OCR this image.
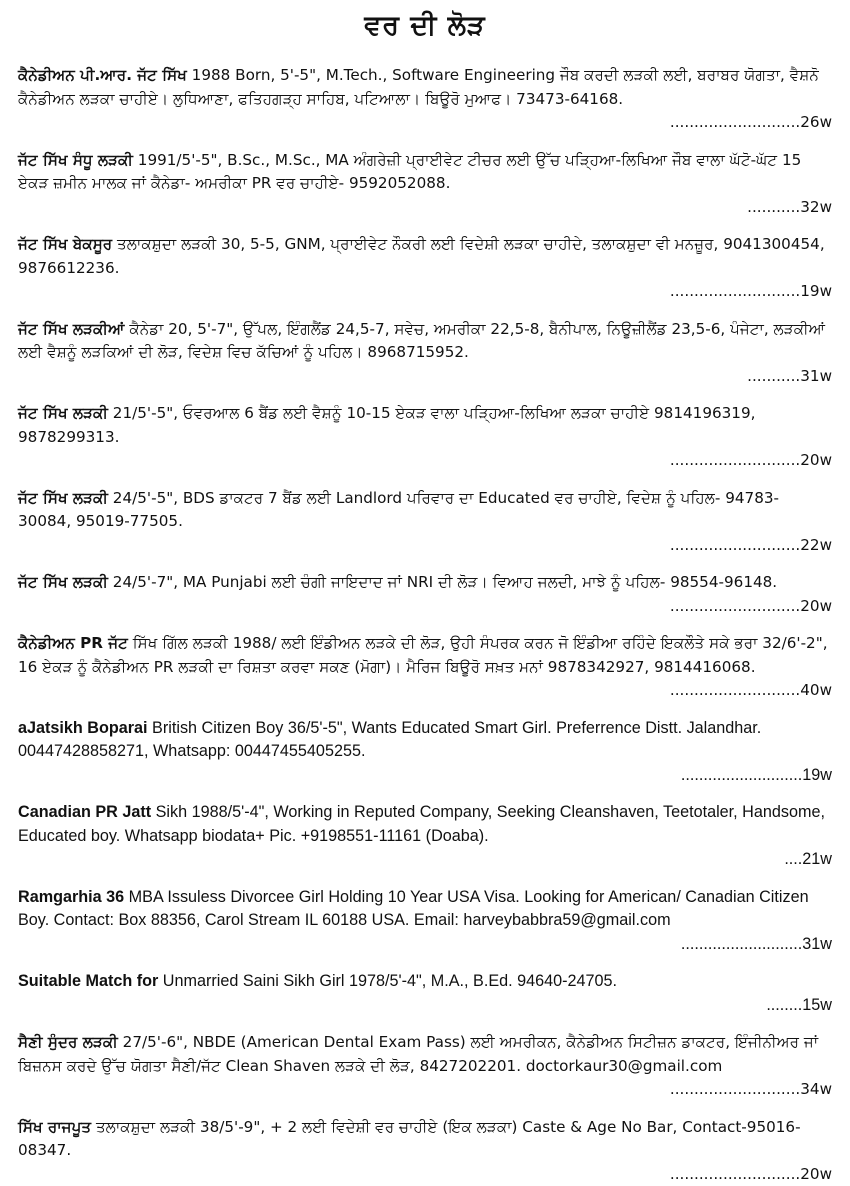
ਵਰ ਦੀ ਲੋੜ
ਕੈਨੇਡੀਅਨ ਪੀ.ਆਰ. ਜੱਟ ਸਿੱਖ 1988 Born, 5'-5", M.Tech., Software Engineering ਜੌਬ ਕਰਦੀ ਲੜਕੀ ਲਈ, ਬਰਾਬਰ ਯੋਗਤਾ, ਵੈਸ਼ਨੋ ਕੈਨੇਡੀਅਨ ਲੜਕਾ ਚਾਹੀਏ। ਲੁਧਿਆਣਾ, ਫਤਿਹਗੜ੍ਹ ਸਾਹਿਬ, ਪਟਿਆਲਾ। ਬਿਊਰੋ ਮੁਆਫ। 73473-64168.
...........................26w
ਜੱਟ ਸਿੱਖ ਸੰਧੂ ਲੜਕੀ 1991/5'-5", B.Sc., M.Sc., MA ਅੰਗਰੇਜ਼ੀ ਪ੍ਰਾਈਵੇਟ ਟੀਚਰ ਲਈ ਉੱਚ ਪੜ੍ਹਿਆ-ਲਿਖਿਆ ਜੌਬ ਵਾਲਾ ਘੱਟੋ-ਘੱਟ 15 ਏਕੜ ਜ਼ਮੀਨ ਮਾਲਕ ਜਾਂ ਕੈਨੇਡਾ- ਅਮਰੀਕਾ PR ਵਰ ਚਾਹੀਏ- 9592052088.
...........32w
ਜੱਟ ਸਿੱਖ ਬੇਕਸੂਰ ਤਲਾਕਸ਼ੁਦਾ ਲੜਕੀ 30, 5-5, GNM, ਪ੍ਰਾਈਵੇਟ ਨੌਕਰੀ ਲਈ ਵਿਦੇਸ਼ੀ ਲੜਕਾ ਚਾਹੀਦੇ, ਤਲਾਕਸ਼ੁਦਾ ਵੀ ਮਨਜ਼ੂਰ, 9041300454, 9876612236.
...........................19w
ਜੱਟ ਸਿੱਖ ਲੜਕੀਆਂ ਕੈਨੇਡਾ 20, 5'-7", ਉੱਪਲ, ਇੰਗਲੈਂਡ 24,5-7, ਸਵੇਚ, ਅਮਰੀਕਾ 22,5-8, ਬੈਨੀਪਾਲ, ਨਿਊਜ਼ੀਲੈਂਡ 23,5-6, ਪੰਜੇਟਾ, ਲੜਕੀਆਂ ਲਈ ਵੈਸ਼ਨੂੰ ਲੜਕਿਆਂ ਦੀ ਲੋੜ, ਵਿਦੇਸ਼ ਵਿਚ ਕੱਚਿਆਂ ਨੂੰ ਪਹਿਲ। 8968715952.
...........31w
ਜੱਟ ਸਿੱਖ ਲੜਕੀ 21/5'-5", ਓਵਰਆਲ 6 ਬੈਂਡ ਲਈ ਵੈਸ਼ਨੂੰ 10-15 ਏਕੜ ਵਾਲਾ ਪੜ੍ਹਿਆ-ਲਿਖਿਆ ਲੜਕਾ ਚਾਹੀਏ 9814196319, 9878299313.
...........................20w
ਜੱਟ ਸਿੱਖ ਲੜਕੀ 24/5'-5", BDS ਡਾਕਟਰ 7 ਬੈਂਡ ਲਈ Landlord ਪਰਿਵਾਰ ਦਾ Educated ਵਰ ਚਾਹੀਏ, ਵਿਦੇਸ਼ ਨੂੰ ਪਹਿਲ- 94783-30084, 95019-77505.
...........................22w
ਜੱਟ ਸਿੱਖ ਲੜਕੀ 24/5'-7", MA Punjabi ਲਈ ਚੰਗੀ ਜਾਇਦਾਦ ਜਾਂ NRI ਦੀ ਲੋੜ। ਵਿਆਹ ਜਲਦੀ, ਮਾਝੇ ਨੂੰ ਪਹਿਲ- 98554-96148.
...........................20w
ਕੈਨੇਡੀਅਨ PR ਜੱਟ ਸਿੱਖ ਗਿੱਲ ਲੜਕੀ 1988/ ਲਈ ਇੰਡੀਅਨ ਲੜਕੇ ਦੀ ਲੋੜ, ਉਹੀ ਸੰਪਰਕ ਕਰਨ ਜੋ ਇੰਡੀਆ ਰਹਿੰਦੇ ਇਕਲੌਤੇ ਸਕੇ ਭਰਾ 32/6'-2", 16 ਏਕੜ ਨੂੰ ਕੈਨੇਡੀਅਨ PR ਲੜਕੀ ਦਾ ਰਿਸ਼ਤਾ ਕਰਵਾ ਸਕਣ (ਮੋਗਾ)। ਮੈਰਿਜ ਬਿਊਰੋ ਸਖ਼ਤ ਮਨਾਂ 9878342927, 9814416068.
...........................40w
aJatsikh Boparai British Citizen Boy 36/5'-5", Wants Educated Smart Girl. Preferrence Distt. Jalandhar. 00447428858271, Whatsapp: 00447455405255.
...........................19w
Canadian PR Jatt Sikh 1988/5'-4", Working in Reputed Company, Seeking Cleanshaven, Teetotaler, Handsome, Educated boy. Whatsapp biodata+ Pic. +9198551-11161 (Doaba).
....21w
Ramgarhia 36 MBA Issuless Divorcee Girl Holding 10 Year USA Visa. Looking for American/ Canadian Citizen Boy. Contact: Box 88356, Carol Stream IL 60188 USA. Email: harveybabbra59@gmail.com
...........................31w
Suitable Match for Unmarried Saini Sikh Girl 1978/5'-4", M.A., B.Ed. 94640-24705.
........15w
ਸੈਣੀ ਸੁੰਦਰ ਲੜਕੀ 27/5'-6", NBDE (American Dental Exam Pass) ਲਈ ਅਮਰੀਕਨ, ਕੈਨੇਡੀਅਨ ਸਿਟੀਜ਼ਨ ਡਾਕਟਰ, ਇੰਜੀਨੀਅਰ ਜਾਂ ਬਿਜ਼ਨਸ ਕਰਦੇ ਉੱਚ ਯੋਗਤਾ ਸੈਣੀ/ਜੱਟ Clean Shaven ਲੜਕੇ ਦੀ ਲੋੜ, 8427202201. doctorkaur30@gmail.com
...........................34w
ਸਿੱਖ ਰਾਜਪੂਤ ਤਲਾਕਸ਼ੁਦਾ ਲੜਕੀ 38/5'-9", + 2 ਲਈ ਵਿਦੇਸ਼ੀ ਵਰ ਚਾਹੀਏ (ਇਕ ਲੜਕਾ) Caste & Age No Bar, Contact-95016-08347.
...........................20w
